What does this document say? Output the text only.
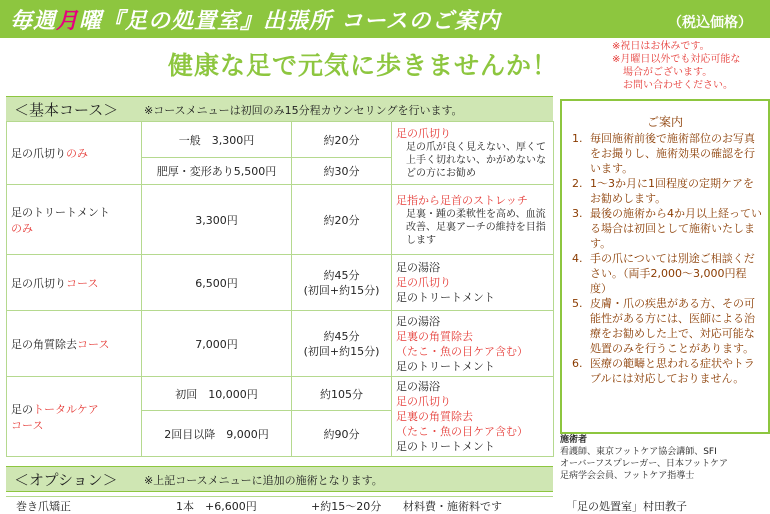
毎週月曜『足の処置室』出張所 コースのご案内	（税込価格）
健康な足で元気に歩きませんか！
※祝日はお休みです。
※月曜日以外でも対応可能な
場合がございます。
お問い合わせください。
＜基本コース＞ ※コースメニューは初回のみ15分程カウンセリングを行います。
足の爪切りのみ	一般　3,300円	約20分	足の爪切り
足の爪が良く見えない、厚くて上手く切れない、かがめないなどの方にお勧め

	肥厚・変形あり5,500円	約30分	
足のトリートメント
のみ	3,300円	約20分	足指から足首のストレッチ
足裏・踵の柔軟性を高め、血流改善、足裏アーチの維持を目指します

足の爪切りコース	6,500円	約45分
(初回+約15分)	足の湯浴
足の爪切り
足のトリートメント

足の角質除去コース	7,000円	約45分
(初回+約15分)	足の湯浴
足裏の角質除去
（たこ・魚の目ケア含む）
足のトリートメント

足のトータルケア
コース	初回　10,000円	約105分	足の湯浴
足の爪切り
足裏の角質除去
（たこ・魚の目ケア含む）
足のトリートメント

	2回目以降　9,000円	約90分	
＜オプション＞ ※上記コースメニューに追加の施術となります。
巻き爪矯正	1本　+6,600円	+約15～20分 材料費・施術料です
ご案内
1. 毎回施術前後で施術部位のお写真をお撮りし、施術効果の確認を行います。
2. 1～3か月に1回程度の定期ケアをお勧めします。
3. 最後の施術から4か月以上経っている場合は初回として施術いたします。
4. 手の爪については別途ご相談ください。（両手2,000～3,000円程度）
5. 皮膚・爪の疾患がある方、その可能性がある方には、医師による治療をお勧めした上で、対応可能な処置のみを行うことがあります。
6. 医療の範疇と思われる症状やトラブルには対応しておりません。
施術者
看護師、東京フットケア協会講師、SFI
オーバーフスプレーガー、日本フットケア
足病学会会員、フットケア指導士
「足の処置室」村田教子
